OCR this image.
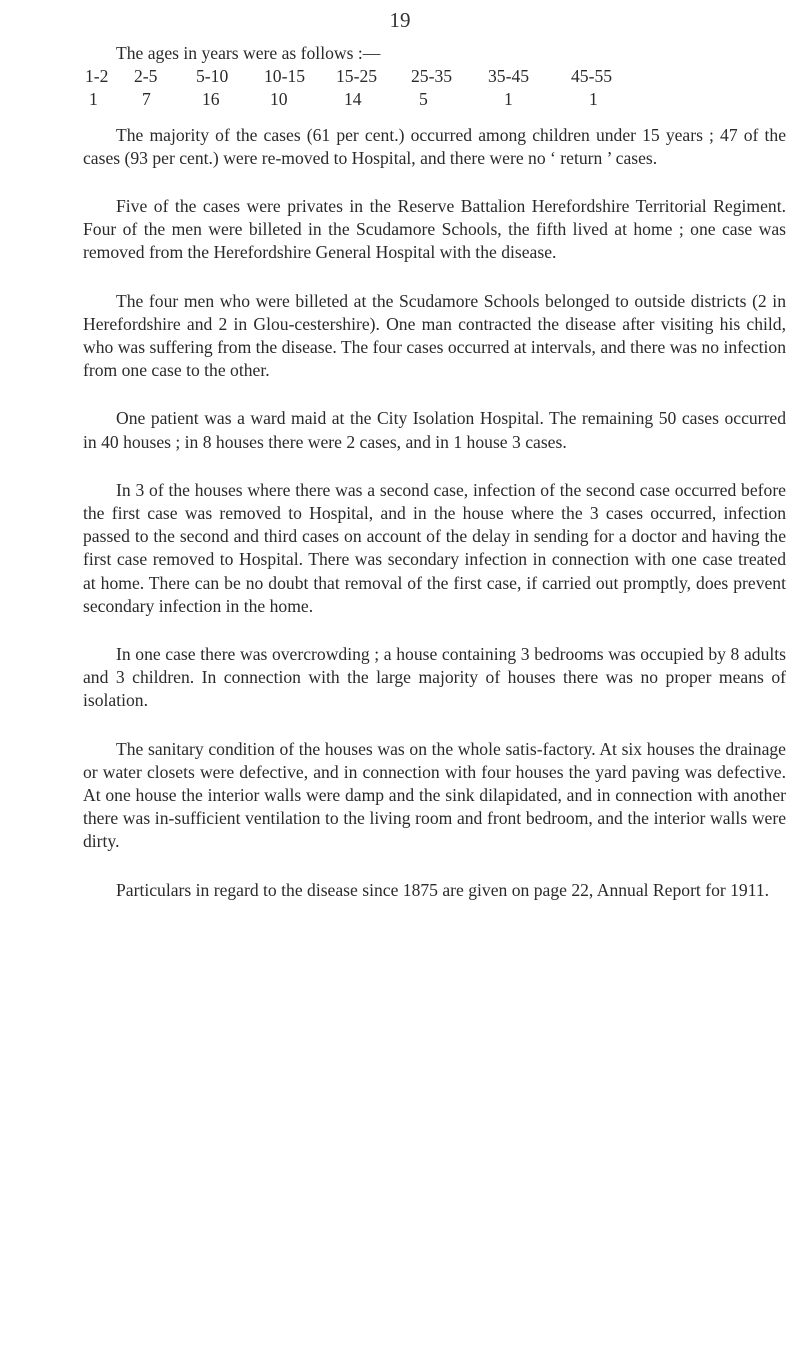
19

The ages in years were as follows :—

1-2	2-5	5-10	10-15	15-25	25-35	35-45	45-55
1	7	16	10	14	5	1	1

The majority of the cases (61 per cent.) occurred among children under 15 years ; 47 of the cases (93 per cent.) were re-moved to Hospital, and there were no ‘ return ’ cases.

Five of the cases were privates in the Reserve Battalion Herefordshire Territorial Regiment. Four of the men were billeted in the Scudamore Schools, the fifth lived at home ; one case was removed from the Herefordshire General Hospital with the disease.

The four men who were billeted at the Scudamore Schools belonged to outside districts (2 in Herefordshire and 2 in Glou-cestershire). One man contracted the disease after visiting his child, who was suffering from the disease. The four cases occurred at intervals, and there was no infection from one case to the other.

One patient was a ward maid at the City Isolation Hospital. The remaining 50 cases occurred in 40 houses ; in 8 houses there were 2 cases, and in 1 house 3 cases.

In 3 of the houses where there was a second case, infection of the second case occurred before the first case was removed to Hospital, and in the house where the 3 cases occurred, infection passed to the second and third cases on account of the delay in sending for a doctor and having the first case removed to Hospital. There was secondary infection in connection with one case treated at home. There can be no doubt that removal of the first case, if carried out promptly, does prevent secondary infection in the home.

In one case there was overcrowding ; a house containing 3 bedrooms was occupied by 8 adults and 3 children. In connection with the large majority of houses there was no proper means of isolation.

The sanitary condition of the houses was on the whole satis-factory. At six houses the drainage or water closets were defective, and in connection with four houses the yard paving was defective. At one house the interior walls were damp and the sink dilapidated, and in connection with another there was in-sufficient ventilation to the living room and front bedroom, and the interior walls were dirty.

Particulars in regard to the disease since 1875 are given on page 22, Annual Report for 1911.
